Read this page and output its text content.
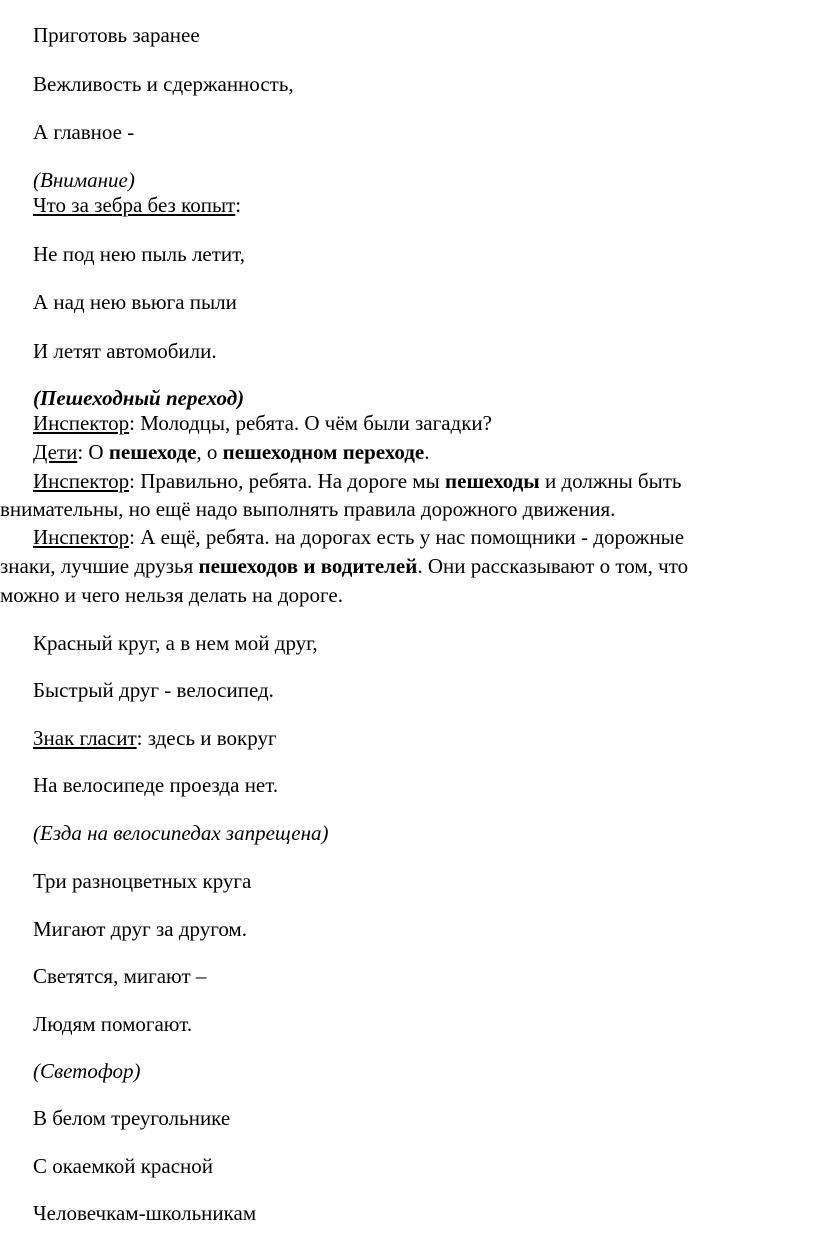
Приготовь заранее
Вежливость и сдержанность,
А главное -
(Внимание)
Что за зебра без копыт:
Не под нею пыль летит,
А над нею вьюга пыли
И летят автомобили.
(Пешеходный переход)
Инспектор: Молодцы, ребята. О чём были загадки?
Дети: О пешеходе, о пешеходном переходе.
Инспектор: Правильно, ребята. На дороге мы пешеходы и должны быть
внимательны, но ещё надо выполнять правила дорожного движения.
Инспектор: А ещё, ребята. на дорогах есть у нас помощники - дорожные
знаки, лучшие друзья пешеходов и водителей. Они рассказывают о том, что
можно и чего нельзя делать на дороге.
Красный круг, а в нем мой друг,
Быстрый друг - велосипед.
Знак гласит: здесь и вокруг
На велосипеде проезда нет.
(Езда на велосипедах запрещена)
Три разноцветных круга
Мигают друг за другом.
Светятся, мигают –
Людям помогают.
(Светофор)
В белом треугольнике
С окаемкой красной
Человечкам-школьникам
